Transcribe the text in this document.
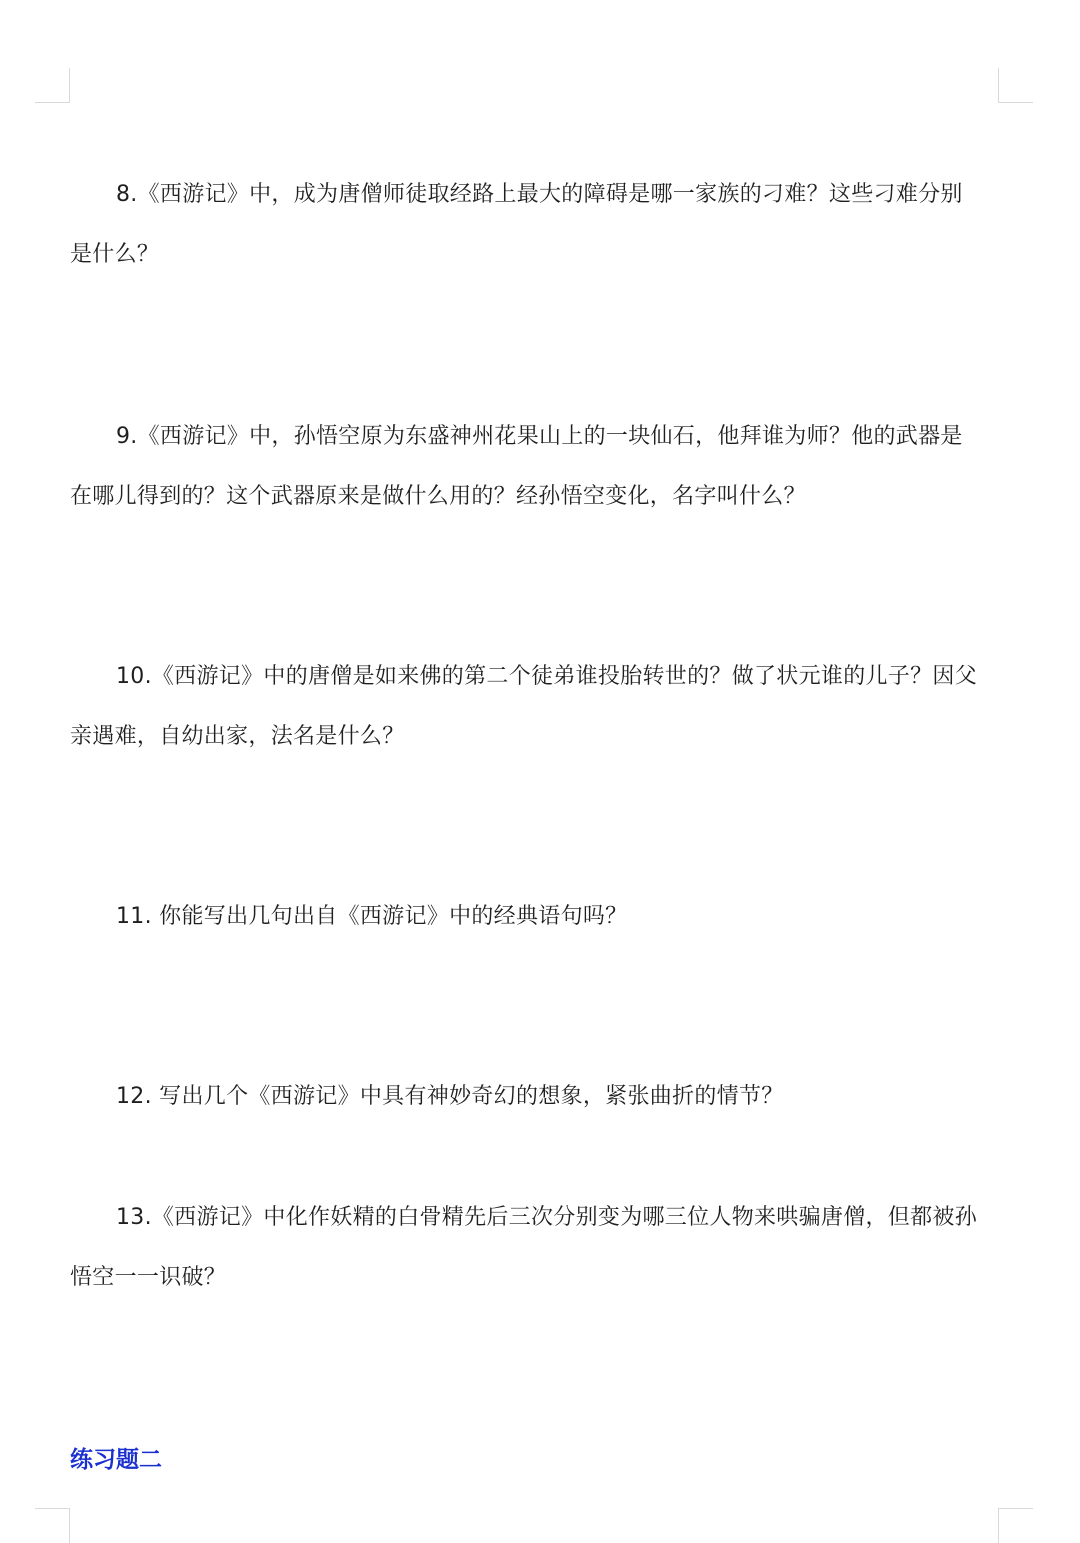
8.《西游记》中，成为唐僧师徒取经路上最大的障碍是哪一家族的刁难？这些刁难分别
是什么？

9.《西游记》中，孙悟空原为东盛神州花果山上的一块仙石，他拜谁为师？他的武器是
在哪儿得到的？这个武器原来是做什么用的？经孙悟空变化，名字叫什么？

10.《西游记》中的唐僧是如来佛的第二个徒弟谁投胎转世的？做了状元谁的儿子？因父
亲遇难，自幼出家，法名是什么？

11. 你能写出几句出自《西游记》中的经典语句吗？

12. 写出几个《西游记》中具有神妙奇幻的想象，紧张曲折的情节？

13.《西游记》中化作妖精的白骨精先后三次分别变为哪三位人物来哄骗唐僧，但都被孙
悟空一一识破？

练习题二
